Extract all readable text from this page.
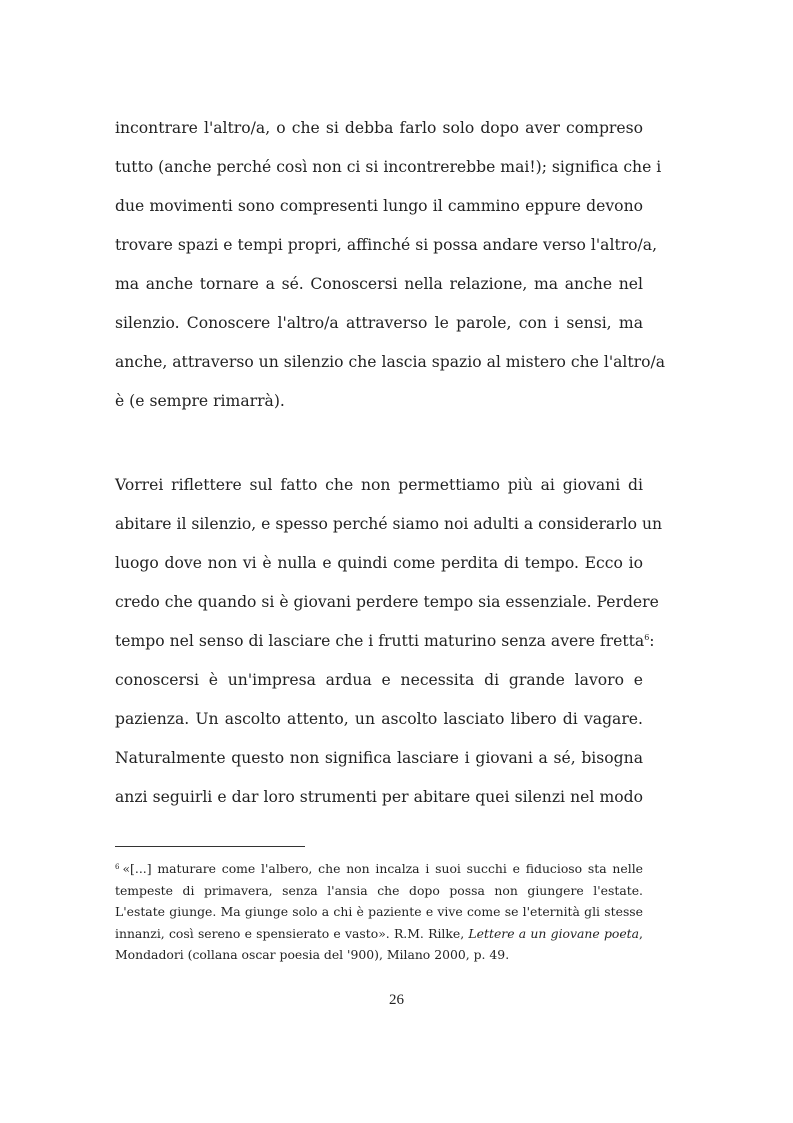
incontrare l'altro/a, o che si debba farlo solo dopo aver compreso
tutto (anche perché così non ci si incontrerebbe mai!); significa che i
due movimenti sono compresenti lungo il cammino eppure devono
trovare spazi e tempi propri, affinché si possa andare verso l'altro/a,
ma anche tornare a sé. Conoscersi nella relazione, ma anche nel
silenzio. Conoscere l'altro/a attraverso le parole, con i sensi, ma
anche, attraverso un silenzio che lascia spazio al mistero che l'altro/a
è (e sempre rimarrà).
Vorrei riflettere sul fatto che non permettiamo più ai giovani di
abitare il silenzio, e spesso perché siamo noi adulti a considerarlo un
luogo dove non vi è nulla e quindi come perdita di tempo. Ecco io
credo che quando si è giovani perdere tempo sia essenziale. Perdere
tempo nel senso di lasciare che i frutti maturino senza avere fretta$^6$:
conoscersi è un'impresa ardua e necessita di grande lavoro e
pazienza. Un ascolto attento, un ascolto lasciato libero di vagare.
Naturalmente questo non significa lasciare i giovani a sé, bisogna
anzi seguirli e dar loro strumenti per abitare quei silenzi nel modo
$^6$ «[...] maturare come l'albero, che non incalza i suoi succhi e fiducioso sta nelle
tempeste di primavera, senza l'ansia che dopo possa non giungere l'estate.
L'estate giunge. Ma giunge solo a chi è paziente e vive come se l'eternità gli stesse
innanzi, così sereno e spensierato e vasto». R.M. Rilke, Lettere a un giovane poeta,
Mondadori (collana oscar poesia del '900), Milano 2000, p. 49.
26
